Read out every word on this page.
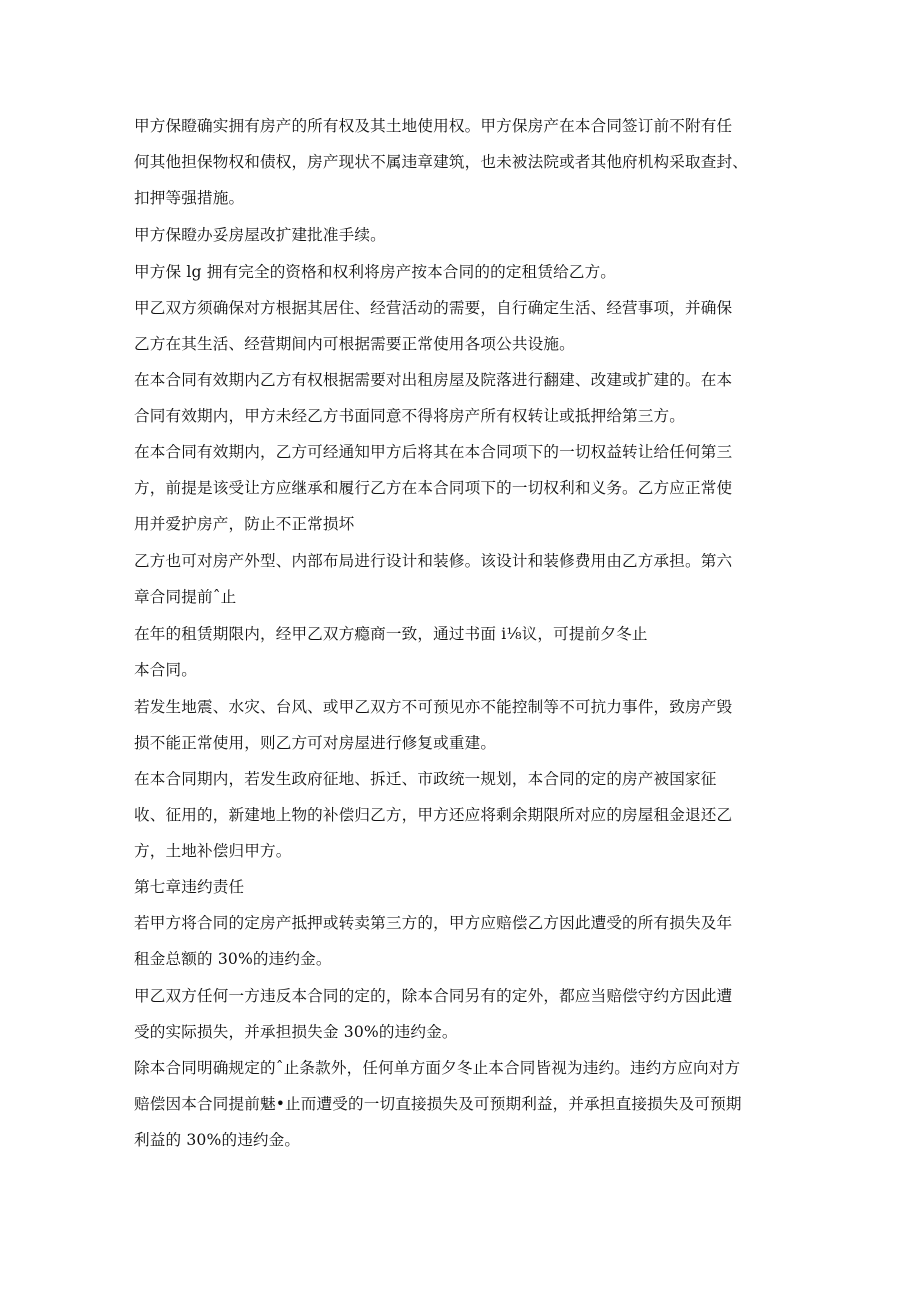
甲方保瞪确实拥有房产的所有权及其土地使用权。甲方保房产在本合同签订前不附有任
何其他担保物权和债权，房产现状不属违章建筑，也未被法院或者其他府机构采取查封、
扣押等强措施。
甲方保瞪办妥房屋改扩建批准手续。
甲方保 lg 拥有完全的资格和权利将房产按本合同的的定租赁给乙方。
甲乙双方须确保对方根据其居住、经营活动的需要，自行确定生活、经营事项，并确保
乙方在其生活、经营期间内可根据需要正常使用各项公共设施。
在本合同有效期内乙方有权根据需要对出租房屋及院落进行翻建、改建或扩建的。在本
合同有效期内，甲方未经乙方书面同意不得将房产所有权转让或抵押给第三方。
在本合同有效期内，乙方可经通知甲方后将其在本合同项下的一切权益转让给任何第三
方，前提是该受让方应继承和履行乙方在本合同项下的一切权利和义务。乙方应正常使
用并爱护房产，防止不正常损坏
乙方也可对房产外型、内部布局进行设计和装修。该设计和装修费用由乙方承担。第六
章合同提前ˆ止
在年的租赁期限内，经甲乙双方瘾商一致，通过书面 i⅛议，可提前夕冬止
本合同。
若发生地震、水灾、台风、或甲乙双方不可预见亦不能控制等不可抗力事件，致房产毁
损不能正常使用，则乙方可对房屋进行修复或重建。
在本合同期内，若发生政府征地、拆迁、市政统一规划，本合同的定的房产被国家征
收、征用的，新建地上物的补偿归乙方，甲方还应将剩余期限所对应的房屋租金退还乙
方，土地补偿归甲方。
第七章违约责任
若甲方将合同的定房产抵押或转卖第三方的，甲方应赔偿乙方因此遭受的所有损失及年
租金总额的 30%的违约金。
甲乙双方任何一方违反本合同的定的，除本合同另有的定外，都应当赔偿守约方因此遭
受的实际损失，并承担损失金 30%的违约金。
除本合同明确规定的ˆ止条款外，任何单方面夕冬止本合同皆视为违约。违约方应向对方
赔偿因本合同提前魅•止而遭受的一切直接损失及可预期利益，并承担直接损失及可预期
利益的 30%的违约金。
